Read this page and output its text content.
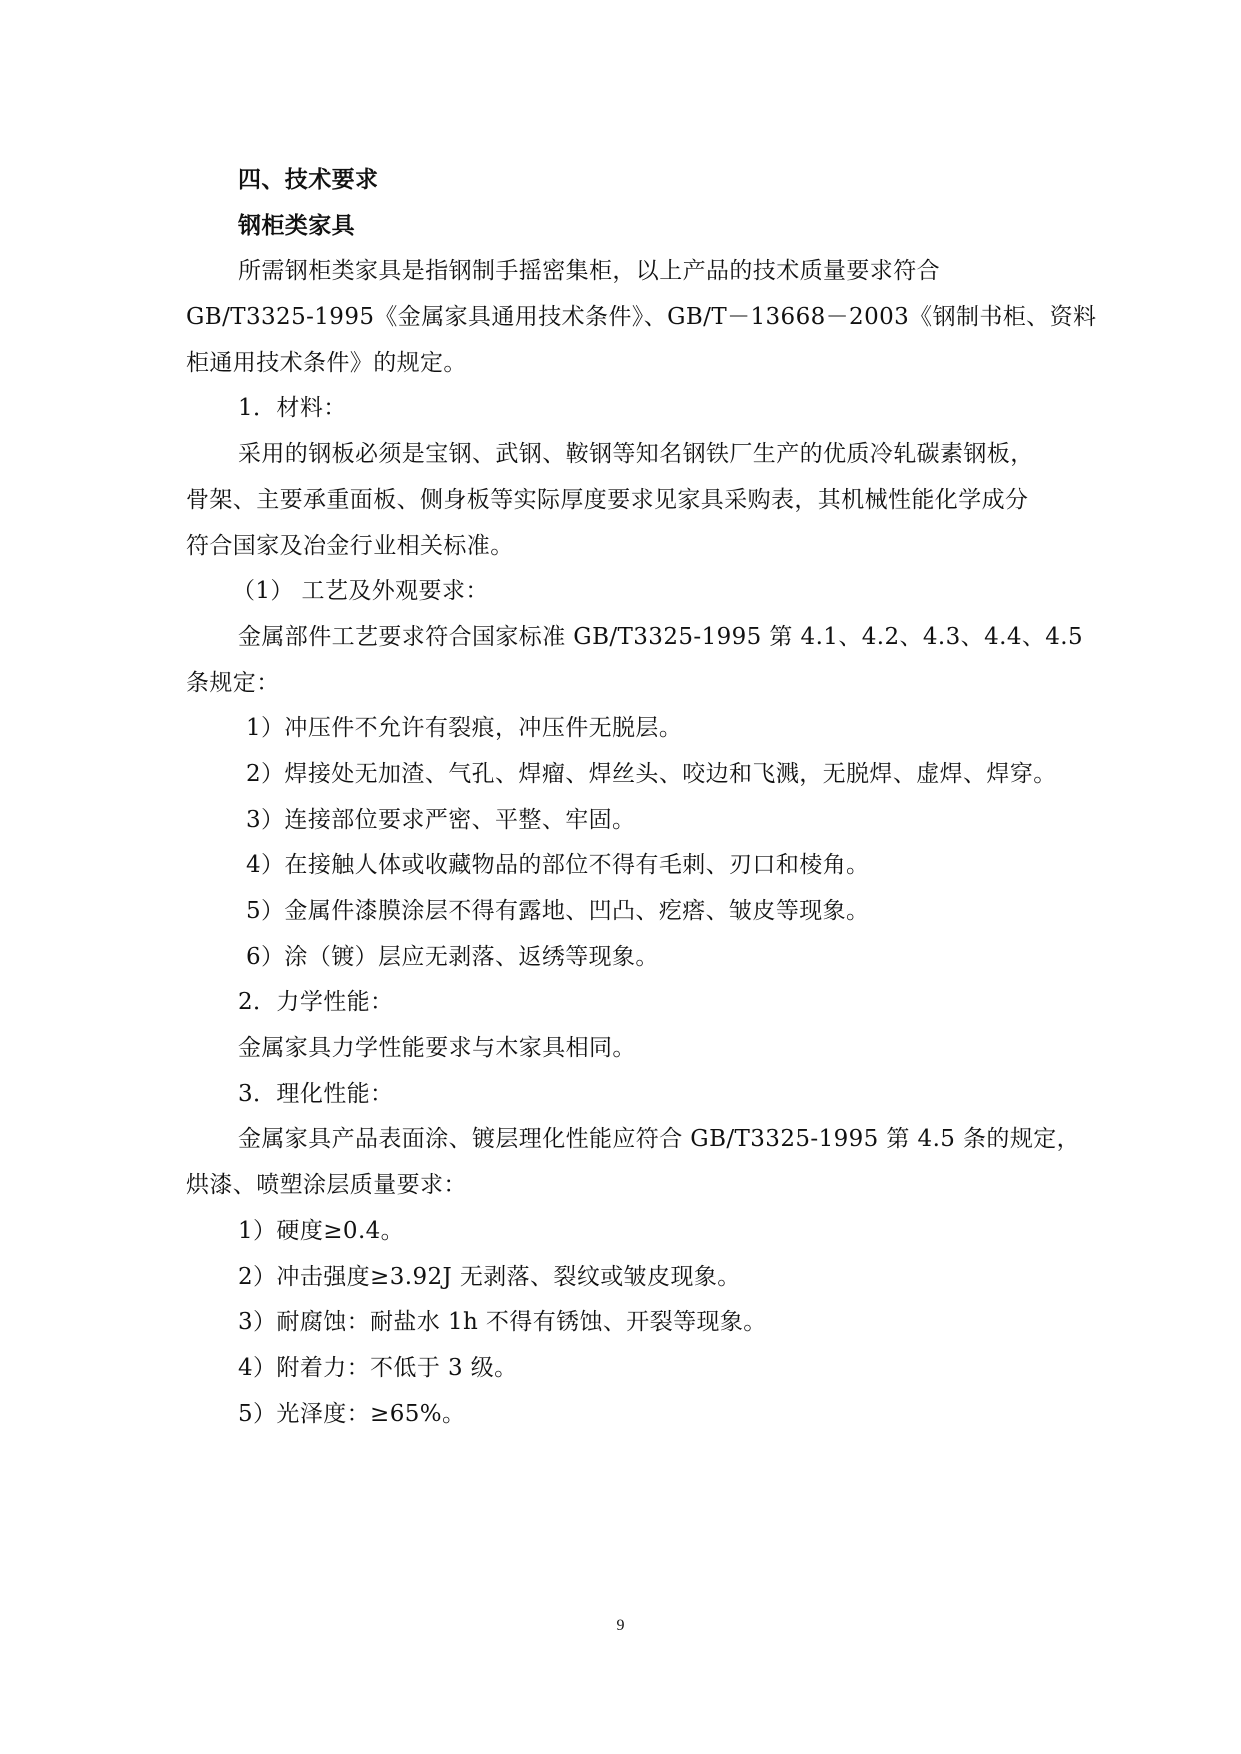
四、技术要求

钢柜类家具

所需钢柜类家具是指钢制手摇密集柜，以上产品的技术质量要求符合

GB/T3325-1995《金属家具通用技术条件》、GB/T－13668－2003《钢制书柜、资料

柜通用技术条件》的规定。

1．材料：

采用的钢板必须是宝钢、武钢、鞍钢等知名钢铁厂生产的优质冷轧碳素钢板，

骨架、主要承重面板、侧身板等实际厚度要求见家具采购表，其机械性能化学成分

符合国家及冶金行业相关标准。

（1） 工艺及外观要求：

金属部件工艺要求符合国家标准 GB/T3325-1995 第 4.1、4.2、4.3、4.4、4.5

条规定：

1）冲压件不允许有裂痕，冲压件无脱层。

2）焊接处无加渣、气孔、焊瘤、焊丝头、咬边和飞溅，无脱焊、虚焊、焊穿。

3）连接部位要求严密、平整、牢固。

4）在接触人体或收藏物品的部位不得有毛刺、刃口和棱角。

5）金属件漆膜涂层不得有露地、凹凸、疙瘩、皱皮等现象。

6）涂（镀）层应无剥落、返绣等现象。

2．力学性能：

金属家具力学性能要求与木家具相同。

3．理化性能：

金属家具产品表面涂、镀层理化性能应符合 GB/T3325-1995 第 4.5 条的规定，

烘漆、喷塑涂层质量要求：

1）硬度≥0.4。

2）冲击强度≥3.92J 无剥落、裂纹或皱皮现象。

3）耐腐蚀：耐盐水 1h 不得有锈蚀、开裂等现象。

4）附着力：不低于 3 级。

5）光泽度：≥65%。

9
